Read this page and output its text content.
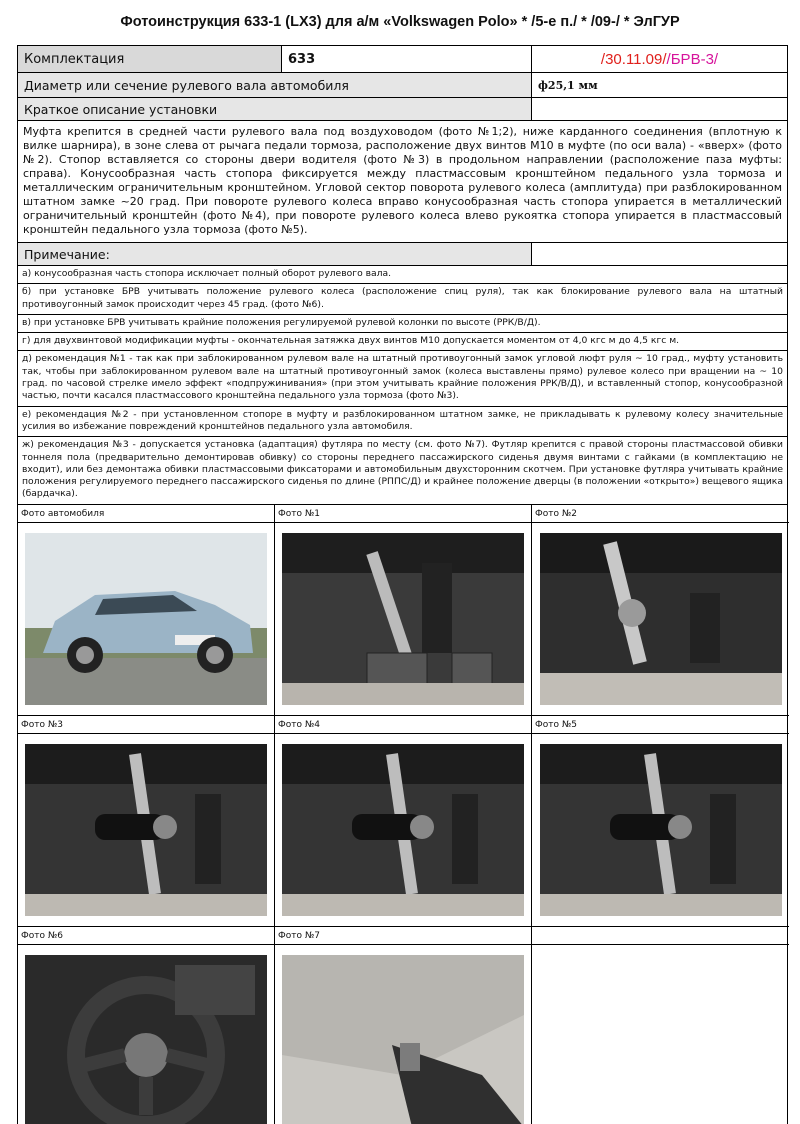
Фотоинструкция 633-1 (LX3) для а/м «Volkswagen Polo» * /5-е п./ * /09-/ * ЭлГУР
Комплектация	633	/30.11.09/ /БРВ-3/
Диаметр или сечение рулевого вала автомобиля	ф25,1 мм
Краткое описание установки
Муфта крепится в средней части рулевого вала под воздуховодом (фото №1;2), ниже карданного соединения (вплотную к вилке шарнира), в зоне слева от рычага педали тормоза, расположение двух винтов М10 в муфте (по оси вала) - «вверх» (фото №2). Стопор вставляется со стороны двери водителя (фото №3) в продольном направлении (расположение паза муфты: справа). Конусообразная часть стопора фиксируется между пластмассовым кронштейном педального узла тормоза и металлическим ограничительным кронштейном. Угловой сектор поворота рулевого колеса (амплитуда) при разблокированном штатном замке ~20 град. При повороте рулевого колеса вправо конусообразная часть стопора упирается в металлический ограничительный кронштейн (фото №4), при повороте рулевого колеса влево рукоятка стопора упирается в пластмассовый кронштейн педального узла тормоза (фото №5).
Примечание:
а) конусообразная часть стопора исключает полный оборот рулевого вала.
б) при установке БРВ учитывать положение рулевого колеса (расположение спиц руля), так как блокирование рулевого вала на штатный противоугонный замок происходит через 45 град. (фото №6).
в) при установке БРВ учитывать крайние положения регулируемой рулевой колонки по высоте (РРК/В/Д).
г) для двухвинтовой модификации муфты - окончательная затяжка двух винтов М10 допускается моментом от 4,0 кгс м до 4,5 кгс м.
д) рекомендация №1 - так как при заблокированном рулевом вале на штатный противоугонный замок угловой люфт руля ~ 10 град., муфту установить так, чтобы при заблокированном рулевом вале на штатный противоугонный замок (колеса выставлены прямо) рулевое колесо при вращении на ~ 10 град. по часовой стрелке имело эффект «подпружинивания» (при этом учитывать крайние положения РРК/В/Д), и вставленный стопор, конусообразной частью, почти касался пластмассового кронштейна педального узла тормоза (фото №3).
е) рекомендация №2 - при установленном стопоре в муфту и разблокированном штатном замке, не прикладывать к рулевому колесу значительные усилия во избежание повреждений кронштейнов педального узла автомобиля.
ж) рекомендация №3 - допускается установка (адаптация) футляра по месту (см. фото №7). Футляр крепится с правой стороны пластмассовой обивки тоннеля пола (предварительно демонтировав обивку) со стороны переднего пассажирского сиденья двумя винтами с гайками (в комплектацию не входит), или без демонтажа обивки пластмассовыми фиксаторами и автомобильным двухсторонним скотчем. При установке футляра учитывать крайние положения регулируемого переднего пассажирского сиденья по длине (РППС/Д) и крайнее положение дверцы (в положении «открыто») вещевого ящика (бардачка).
Фото автомобиля	Фото №1	Фото №2
Фото №3	Фото №4	Фото №5
Фото №6	Фото №7
